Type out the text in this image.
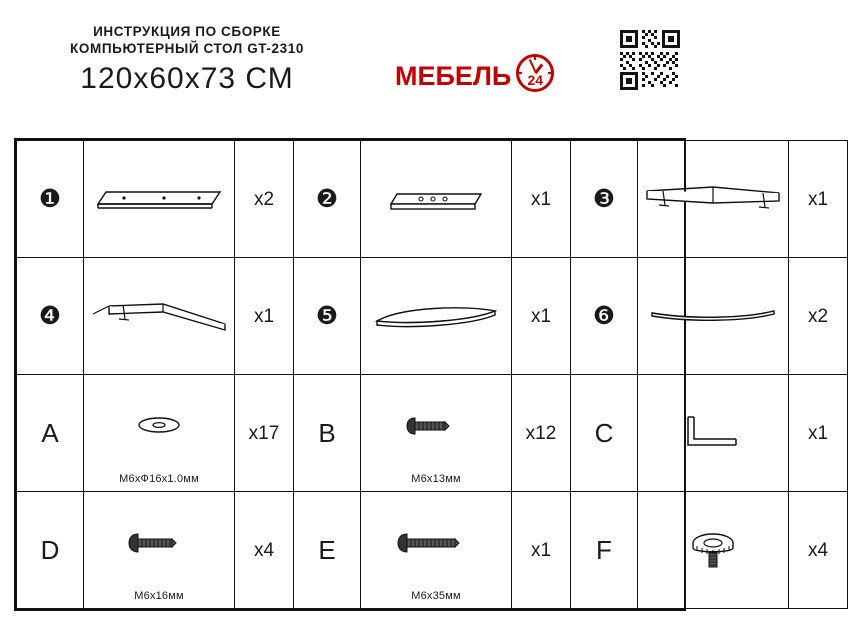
ИНСТРУКЦИЯ ПО СБОРКЕ
КОМПЬЮТЕРНЫЙ СТОЛ GT-2310
120x60x73 СМ	МЕБЕЛЬ	24
❶		x2	❷		x1	❸		x1

❹		x1	❺		x1	❻		x2

A	М6хФ16х1.0мм	x17	B	М6х13мм	x12	C		x1

D	М6х16мм	x4	E	М6х35мм	x1	F		x4
